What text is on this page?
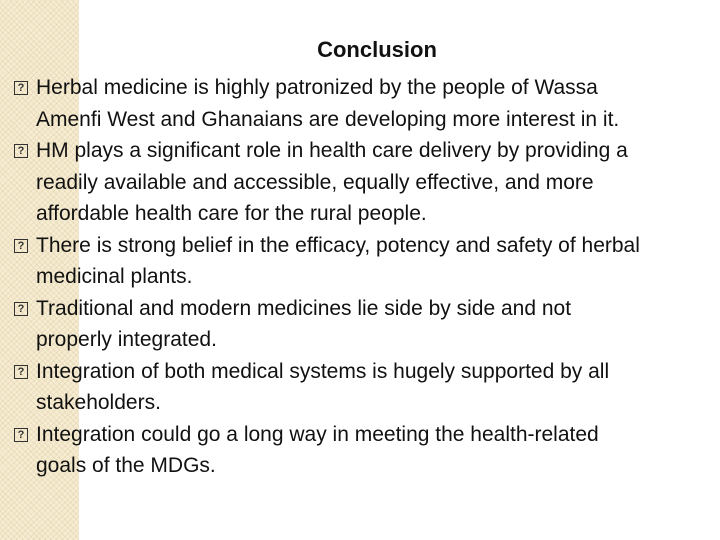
Conclusion
? Herbal medicine is highly patronized by the people of Wassa
Amenfi West and Ghanaians are developing more interest in it.
? HM plays a significant role in health care delivery by providing a
readily available and accessible, equally effective, and more
affordable health care for the rural people.
? There is strong belief in the efficacy, potency and safety of herbal
medicinal plants.
? Traditional and modern medicines lie side by side and not
properly integrated.
? Integration of both medical systems is hugely supported by all
stakeholders.
? Integration could go a long way in meeting the health-related
goals of the MDGs.
